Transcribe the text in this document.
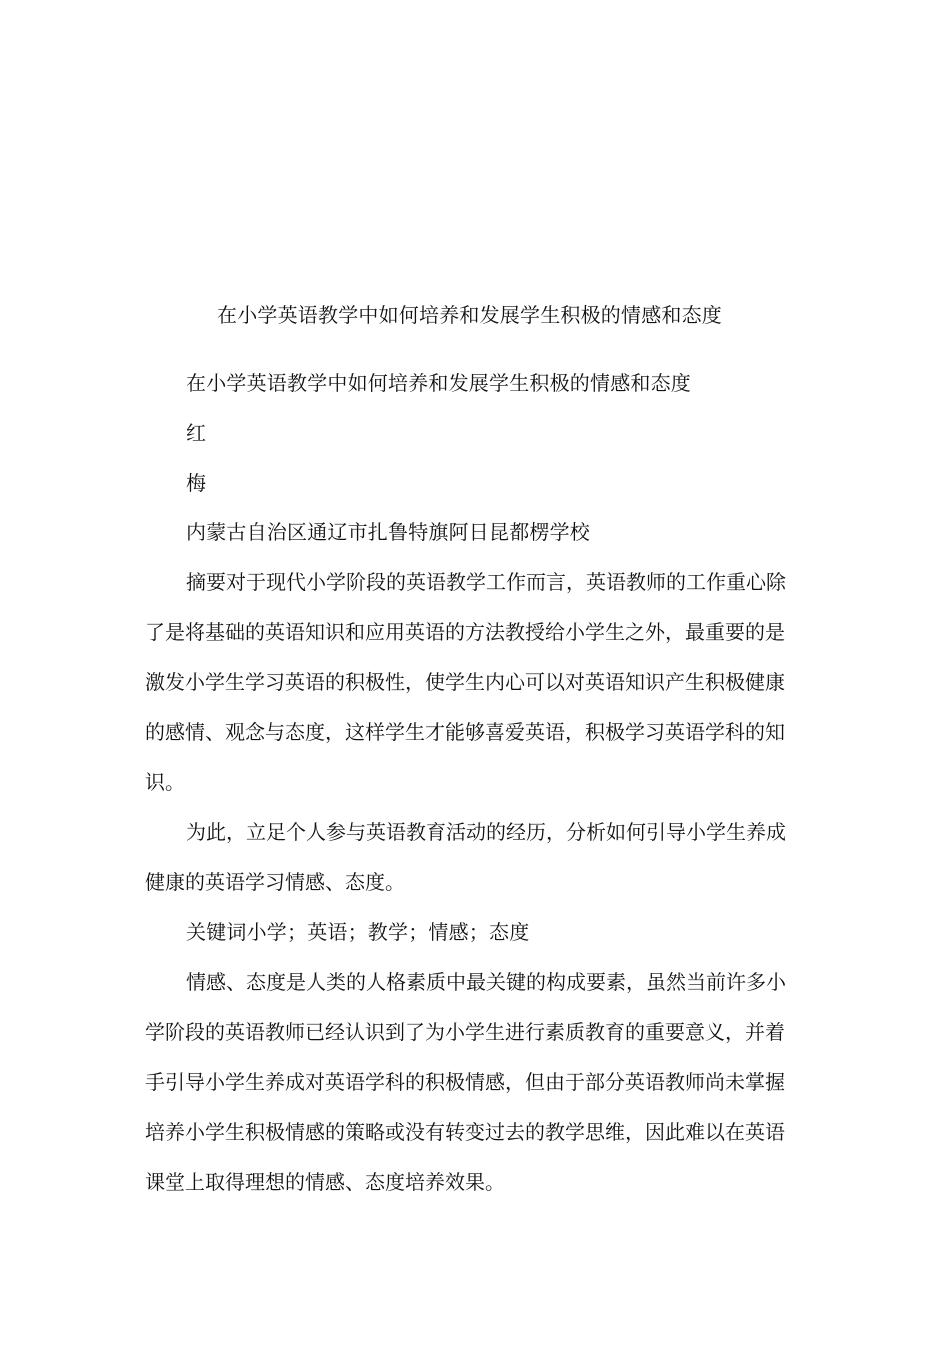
在小学英语教学中如何培养和发展学生积极的情感和态度
在小学英语教学中如何培养和发展学生积极的情感和态度
红
梅
内蒙古自治区通辽市扎鲁特旗阿日昆都楞学校
摘要对于现代小学阶段的英语教学工作而言，英语教师的工作重心除
了是将基础的英语知识和应用英语的方法教授给小学生之外，最重要的是
激发小学生学习英语的积极性，使学生内心可以对英语知识产生积极健康
的感情、观念与态度，这样学生才能够喜爱英语，积极学习英语学科的知
识。
为此，立足个人参与英语教育活动的经历，分析如何引导小学生养成
健康的英语学习情感、态度。
关键词小学；英语；教学；情感；态度
情感、态度是人类的人格素质中最关键的构成要素，虽然当前许多小
学阶段的英语教师已经认识到了为小学生进行素质教育的重要意义，并着
手引导小学生养成对英语学科的积极情感，但由于部分英语教师尚未掌握
培养小学生积极情感的策略或没有转变过去的教学思维，因此难以在英语
课堂上取得理想的情感、态度培养效果。
